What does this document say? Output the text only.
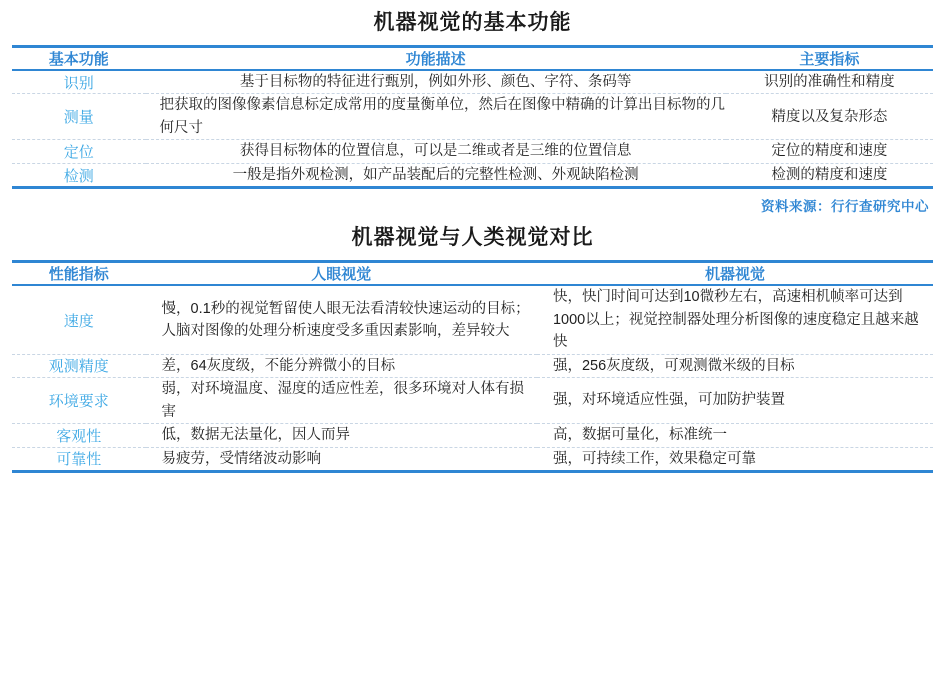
机器视觉的基本功能
基本功能	功能描述	主要指标
识别	基于目标物的特征进行甄别，例如外形、颜色、字符、条码等	识别的准确性和精度
测量	把获取的图像像素信息标定成常用的度量衡单位，然后在图像中精确的计算出目标物的几何尺寸	精度以及复杂形态
定位	获得目标物体的位置信息，可以是二维或者是三维的位置信息	定位的精度和速度
检测	一般是指外观检测，如产品装配后的完整性检测、外观缺陷检测	检测的精度和速度
资料来源：行行查研究中心
机器视觉与人类视觉对比
性能指标	人眼视觉	机器视觉
速度	慢，0.1秒的视觉暂留使人眼无法看清较快速运动的目标；人脑对图像的处理分析速度受多重因素影响，差异较大	快，快门时间可达到10微秒左右，高速相机帧率可达到1000以上；视觉控制器处理分析图像的速度稳定且越来越快
观测精度	差，64灰度级，不能分辨微小的目标	强，256灰度级，可观测微米级的目标
环境要求	弱，对环境温度、湿度的适应性差，很多环境对人体有损害	强，对环境适应性强，可加防护装置
客观性	低，数据无法量化，因人而异	高，数据可量化，标准统一
可靠性	易疲劳，受情绪波动影响	强，可持续工作，效果稳定可靠
